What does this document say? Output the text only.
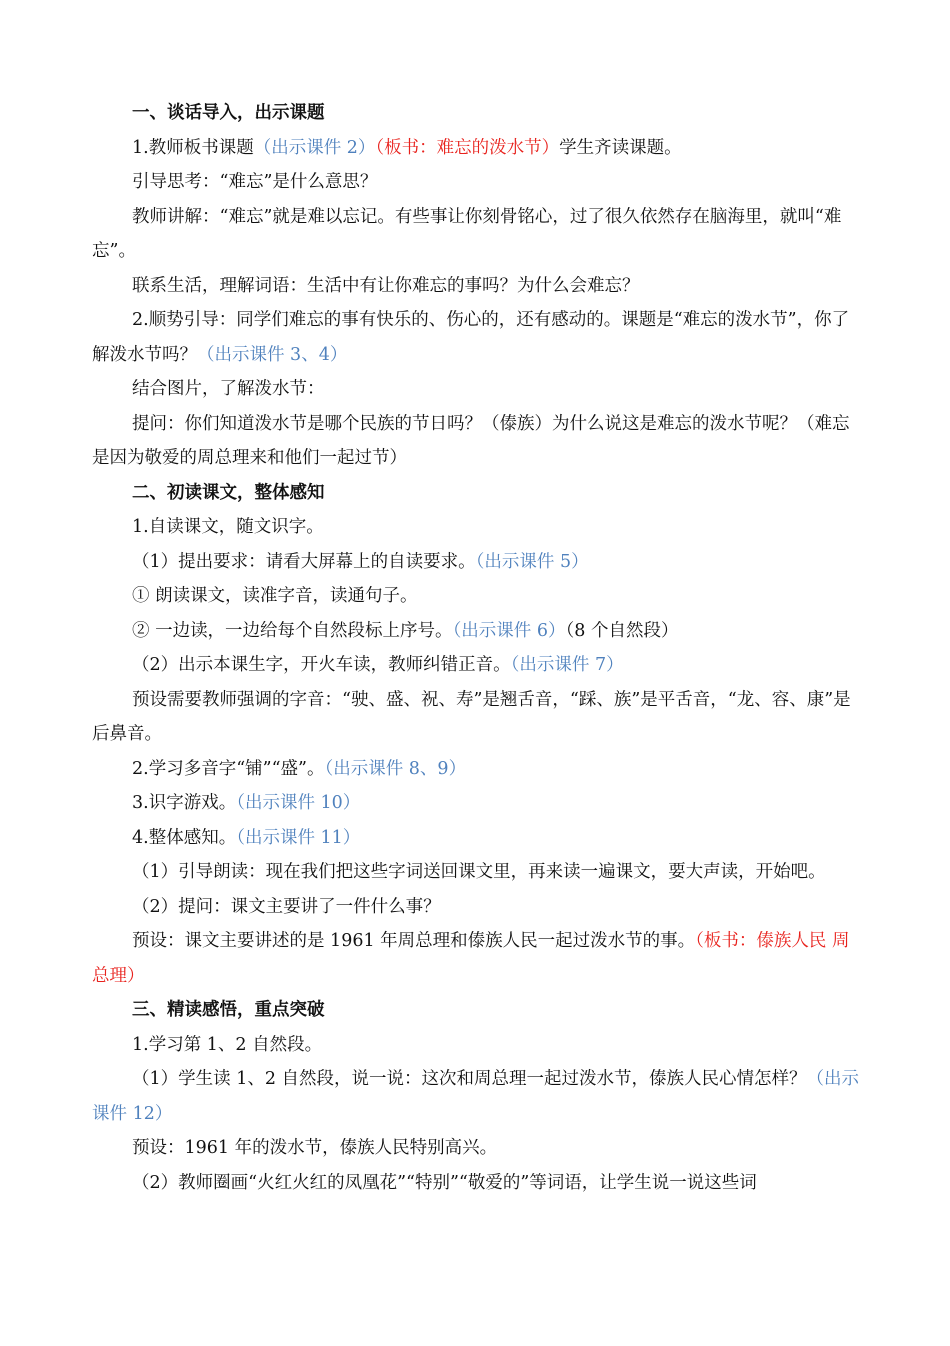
一、谈话导入，出示课题

1.教师板书课题（出示课件 2）（板书：难忘的泼水节）学生齐读课题。

引导思考：“难忘”是什么意思？

教师讲解：“难忘”就是难以忘记。有些事让你刻骨铭心，过了很久依然存在脑海里，就叫“难忘”。

联系生活，理解词语：生活中有让你难忘的事吗？为什么会难忘？

2.顺势引导：同学们难忘的事有快乐的、伤心的，还有感动的。课题是“难忘的泼水节”，你了解泼水节吗？（出示课件 3、4）

结合图片，了解泼水节：

提问：你们知道泼水节是哪个民族的节日吗？（傣族）为什么说这是难忘的泼水节呢？（难忘是因为敬爱的周总理来和他们一起过节）

二、初读课文，整体感知

1.自读课文，随文识字。

（1）提出要求：请看大屏幕上的自读要求。（出示课件 5）

① 朗读课文，读准字音，读通句子。

② 一边读，一边给每个自然段标上序号。（出示课件 6）（8 个自然段）

（2）出示本课生字，开火车读，教师纠错正音。（出示课件 7）

预设需要教师强调的字音：“驶、盛、祝、寿”是翘舌音，“踩、族”是平舌音，“龙、容、康”是后鼻音。

2.学习多音字“铺”“盛”。（出示课件 8、9）

3.识字游戏。（出示课件 10）

4.整体感知。（出示课件 11）

（1）引导朗读：现在我们把这些字词送回课文里，再来读一遍课文，要大声读，开始吧。

（2）提问：课文主要讲了一件什么事？

预设：课文主要讲述的是 1961 年周总理和傣族人民一起过泼水节的事。（板书：傣族人民 周总理）

三、精读感悟，重点突破

1.学习第 1、2 自然段。

（1）学生读 1、2 自然段，说一说：这次和周总理一起过泼水节，傣族人民心情怎样？（出示课件 12）

预设：1961 年的泼水节，傣族人民特别高兴。

（2）教师圈画“火红火红的凤凰花”“特别”“敬爱的”等词语，让学生说一说这些词
